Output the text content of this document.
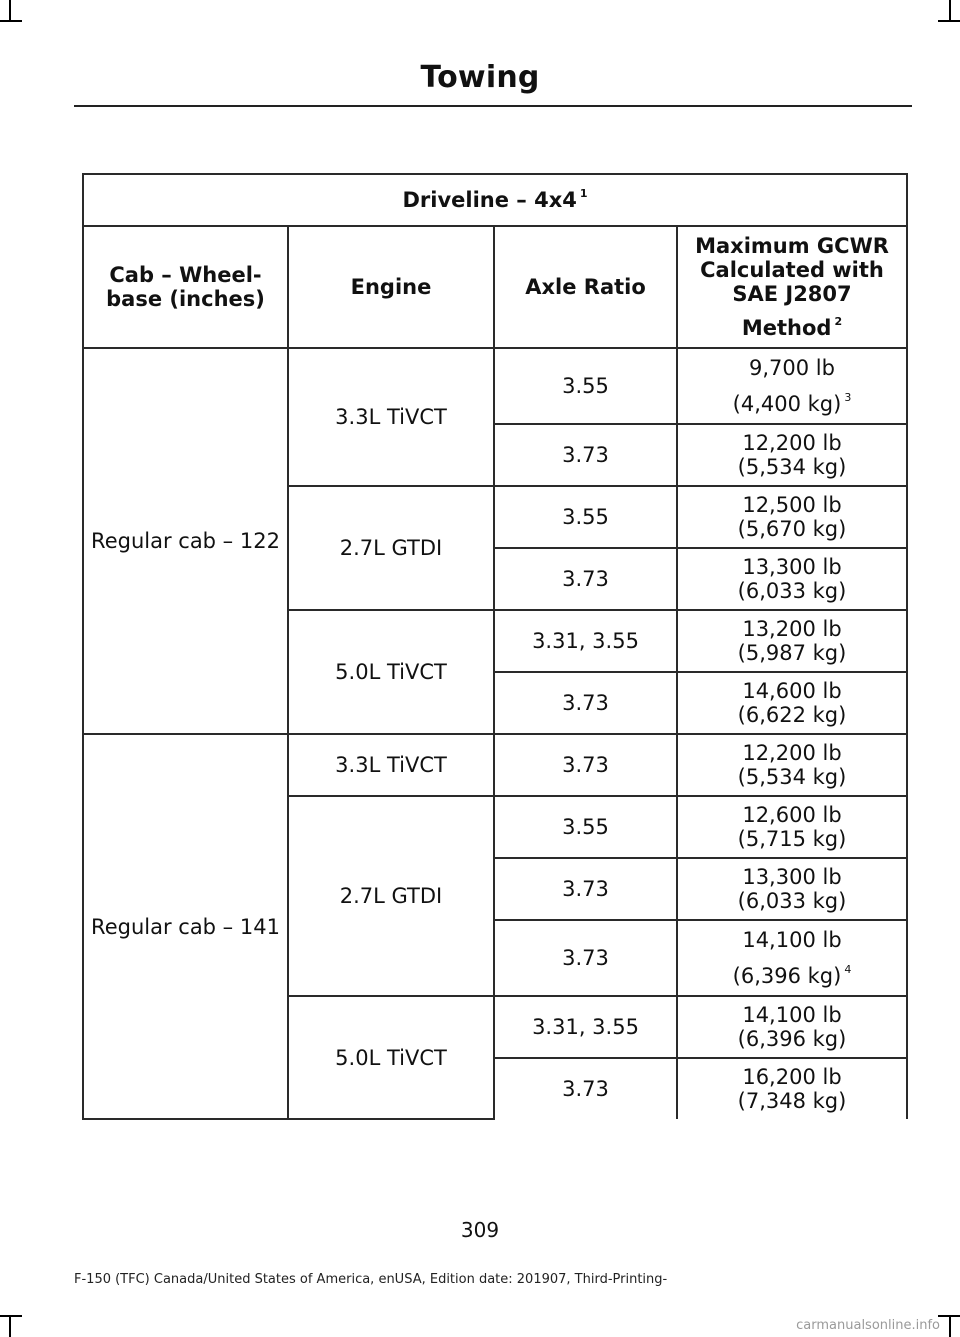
Towing
Driveline – 4x4 $^1$
Cab – Wheel-base (inches)	Engine	Axle Ratio	Maximum GCWR Calculated with SAE J2807
Method $^2$
Regular cab – 122	3.3L TiVCT	3.55	9,700 lb
(4,400 kg) $^3$
		3.73	12,200 lb
(5,534 kg)
	2.7L GTDI	3.55	12,500 lb
(5,670 kg)
		3.73	13,300 lb
(6,033 kg)
	5.0L TiVCT	3.31, 3.55	13,200 lb
(5,987 kg)
		3.73	14,600 lb
(6,622 kg)
Regular cab – 141	3.3L TiVCT	3.73	12,200 lb
(5,534 kg)
	2.7L GTDI	3.55	12,600 lb
(5,715 kg)
		3.73	13,300 lb
(6,033 kg)
		3.73	14,100 lb
(6,396 kg) $^4$
	5.0L TiVCT	3.31, 3.55	14,100 lb
(6,396 kg)
		3.73	16,200 lb
(7,348 kg)
309
F-150 (TFC) Canada/United States of America, enUSA, Edition date: 201907, Third-Printing-
carmanualsonline.info
